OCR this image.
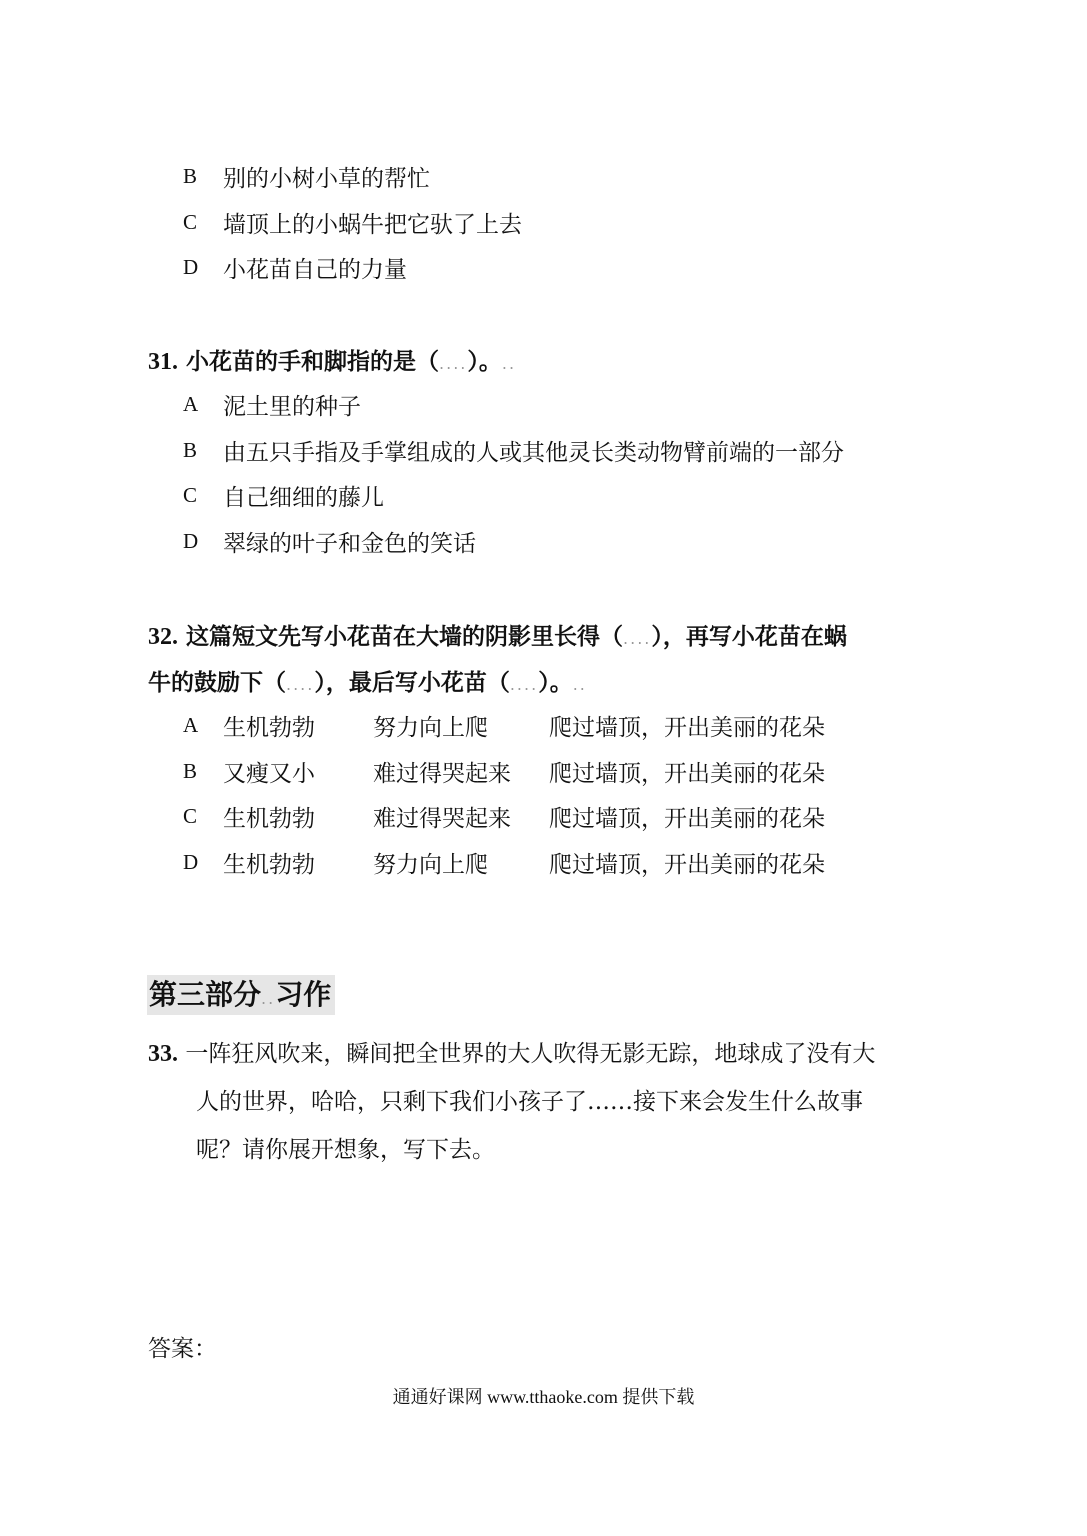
B	别的小树小草的帮忙
C	墙顶上的小蜗牛把它驮了上去
D	小花苗自己的力量
31. 小花苗的手和脚指的是（....）。..
A	泥土里的种子
B	由五只手指及手掌组成的人或其他灵长类动物臂前端的一部分
C	自己细细的藤儿
D	翠绿的叶子和金色的笑话
32. 这篇短文先写小花苗在大墙的阴影里长得（....），再写小花苗在蜗
牛的鼓励下（....），最后写小花苗（....）。..
A	生机勃勃	努力向上爬	爬过墙顶，开出美丽的花朵
B	又瘦又小	难过得哭起来	爬过墙顶，开出美丽的花朵
C	生机勃勃	难过得哭起来	爬过墙顶，开出美丽的花朵
D	生机勃勃	努力向上爬	爬过墙顶，开出美丽的花朵
第三部分..习作
33. 一阵狂风吹来，瞬间把全世界的大人吹得无影无踪，地球成了没有大
人的世界，哈哈，只剩下我们小孩子了……接下来会发生什么故事
呢？请你展开想象，写下去。
答案：
通通好课网 www.tthaoke.com 提供下载
